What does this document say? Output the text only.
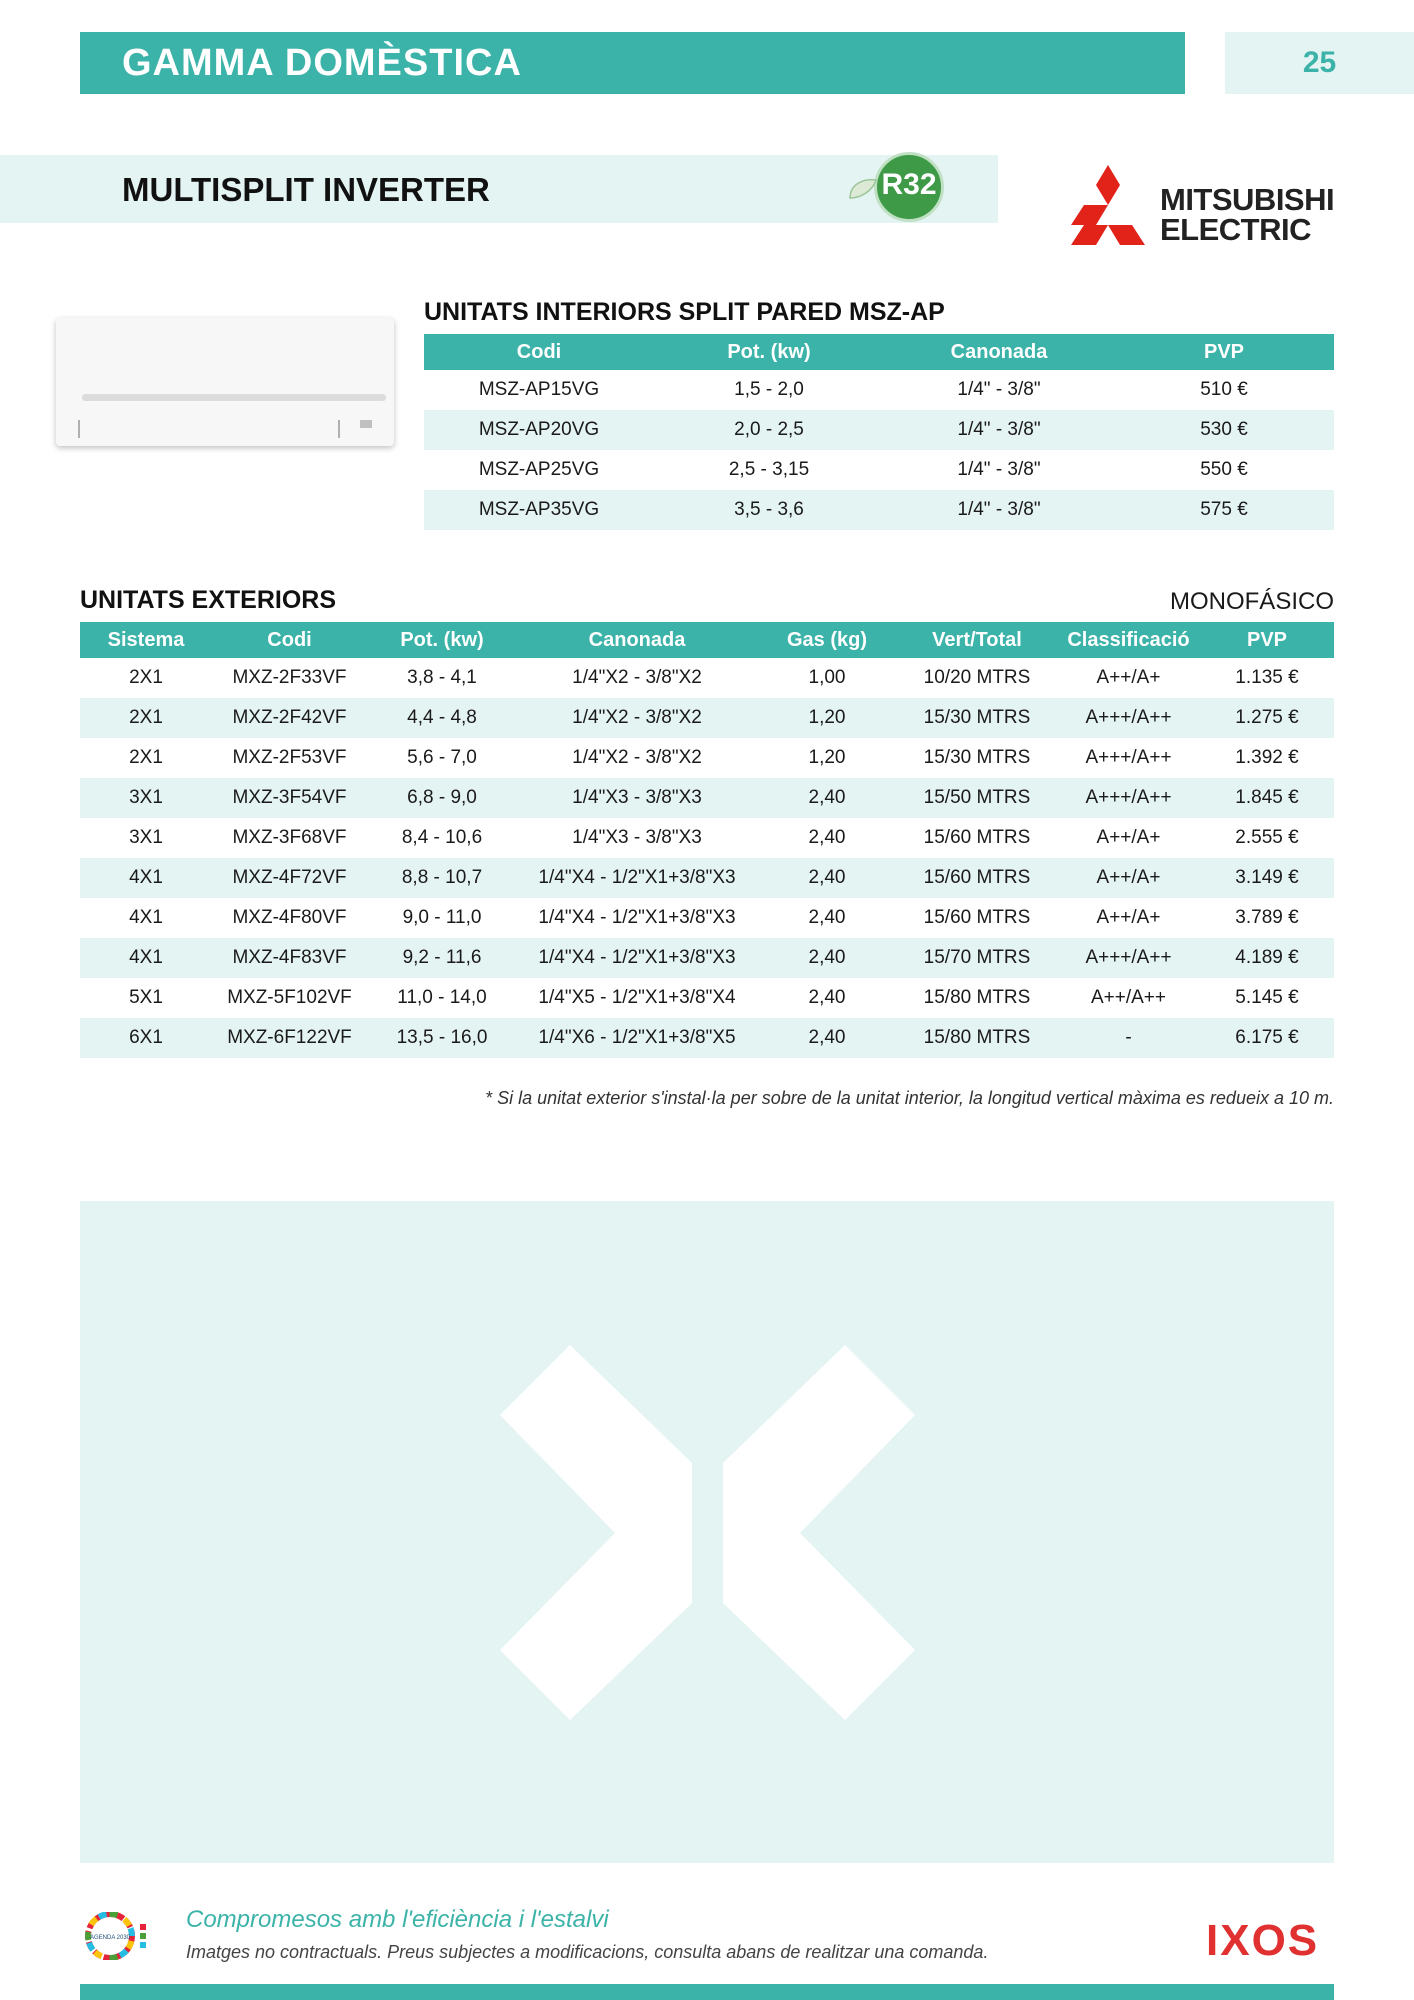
GAMMA DOMÈSTICA	25
MULTISPLIT INVERTER	R32	MITSUBISHI
ELECTRIC
UNITATS INTERIORS SPLIT PARED MSZ-AP
Codi	Pot. (kw)	Canonada	PVP
MSZ-AP15VG	1,5 - 2,0	1/4" - 3/8"	510 €
MSZ-AP20VG	2,0 - 2,5	1/4" - 3/8"	530 €
MSZ-AP25VG	2,5 - 3,15	1/4" - 3/8"	550 €
MSZ-AP35VG	3,5 - 3,6	1/4" - 3/8"	575 €
UNITATS EXTERIORS	MONOFÁSICO
Sistema	Codi	Pot. (kw)	Canonada	Gas (kg)	Vert/Total	Classificació	PVP
2X1	MXZ-2F33VF	3,8 - 4,1	1/4"X2 - 3/8"X2	1,00	10/20 MTRS	A++/A+	1.135 €
2X1	MXZ-2F42VF	4,4 - 4,8	1/4"X2 - 3/8"X2	1,20	15/30 MTRS	A+++/A++	1.275 €
2X1	MXZ-2F53VF	5,6 - 7,0	1/4"X2 - 3/8"X2	1,20	15/30 MTRS	A+++/A++	1.392 €
3X1	MXZ-3F54VF	6,8 - 9,0	1/4"X3 - 3/8"X3	2,40	15/50 MTRS	A+++/A++	1.845 €
3X1	MXZ-3F68VF	8,4 - 10,6	1/4"X3 - 3/8"X3	2,40	15/60 MTRS	A++/A+	2.555 €
4X1	MXZ-4F72VF	8,8 - 10,7	1/4"X4 - 1/2"X1+3/8"X3	2,40	15/60 MTRS	A++/A+	3.149 €
4X1	MXZ-4F80VF	9,0 - 11,0	1/4"X4 - 1/2"X1+3/8"X3	2,40	15/60 MTRS	A++/A+	3.789 €
4X1	MXZ-4F83VF	9,2 - 11,6	1/4"X4 - 1/2"X1+3/8"X3	2,40	15/70 MTRS	A+++/A++	4.189 €
5X1	MXZ-5F102VF	11,0 - 14,0	1/4"X5 - 1/2"X1+3/8"X4	2,40	15/80 MTRS	A++/A++	5.145 €
6X1	MXZ-6F122VF	13,5 - 16,0	1/4"X6 - 1/2"X1+3/8"X5	2,40	15/80 MTRS	-	6.175 €
* Si la unitat exterior s'instal·la per sobre de la unitat interior, la longitud vertical màxima es redueix a 10 m.
AGENDA 2030
Compromesos amb l'eficiència i l'estalvi
Imatges no contractuals. Preus subjectes a modificacions, consulta abans de realitzar una comanda.	IXOS
